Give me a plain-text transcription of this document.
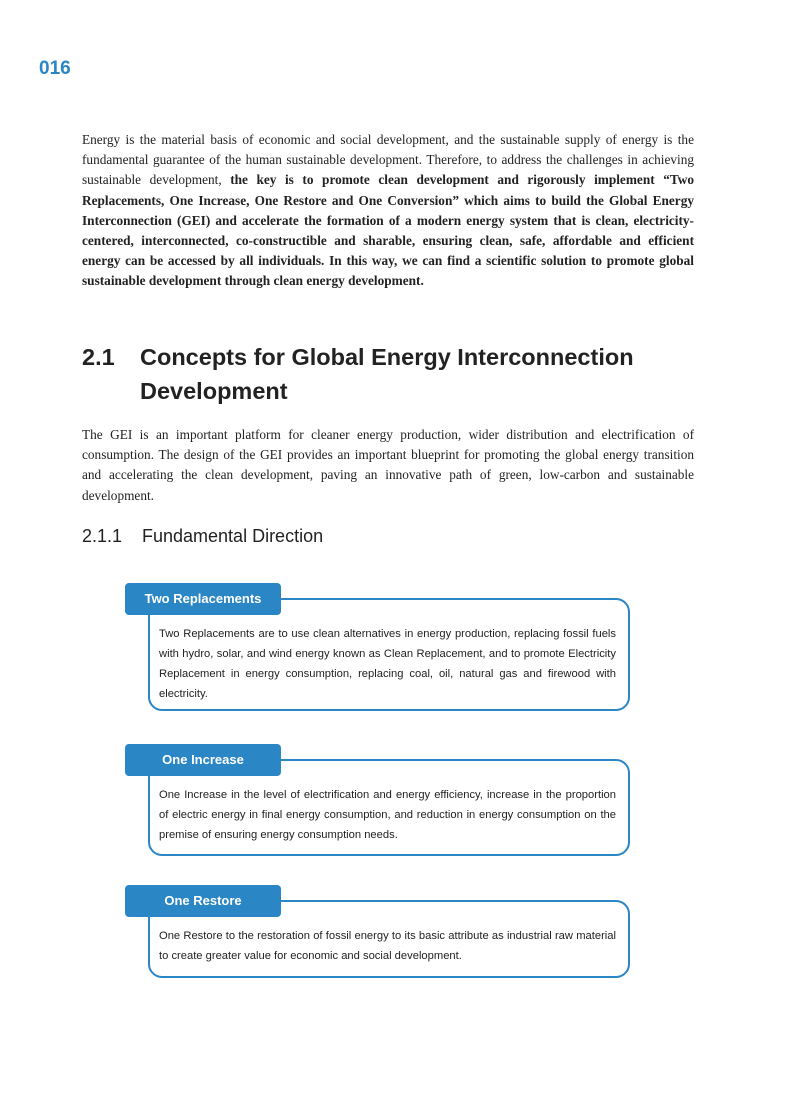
016

Energy is the material basis of economic and social development, and the sustainable supply of energy is the fundamental guarantee of the human sustainable development. Therefore, to address the challenges in achieving sustainable development, the key is to promote clean development and rigorously implement “Two Replacements, One Increase, One Restore and One Conversion” which aims to build the Global Energy Interconnection (GEI) and accelerate the formation of a modern energy system that is clean, electricity-centered, interconnected, co-constructible and sharable, ensuring clean, safe, affordable and efficient energy can be accessed by all individuals. In this way, we can find a scientific solution to promote global sustainable development through clean energy development.

2.1	Concepts for Global Energy Interconnection Development

The GEI is an important platform for cleaner energy production, wider distribution and electrification of consumption. The design of the GEI provides an important blueprint for promoting the global energy transition and accelerating the clean development, paving an innovative path of green, low-carbon and sustainable development.

2.1.1	Fundamental Direction
Two Replacements are to use clean alternatives in energy production, replacing fossil fuels with hydro, solar, and wind energy known as Clean Replacement, and to promote Electricity Replacement in energy consumption, replacing coal, oil, natural gas and firewood with electricity.
Two Replacements
One Increase in the level of electrification and energy efficiency, increase in the proportion of electric energy in final energy consumption, and reduction in energy consumption on the premise of ensuring energy consumption needs.
One Increase
One Restore to the restoration of fossil energy to its basic attribute as industrial raw material to create greater value for economic and social development.
One Restore
